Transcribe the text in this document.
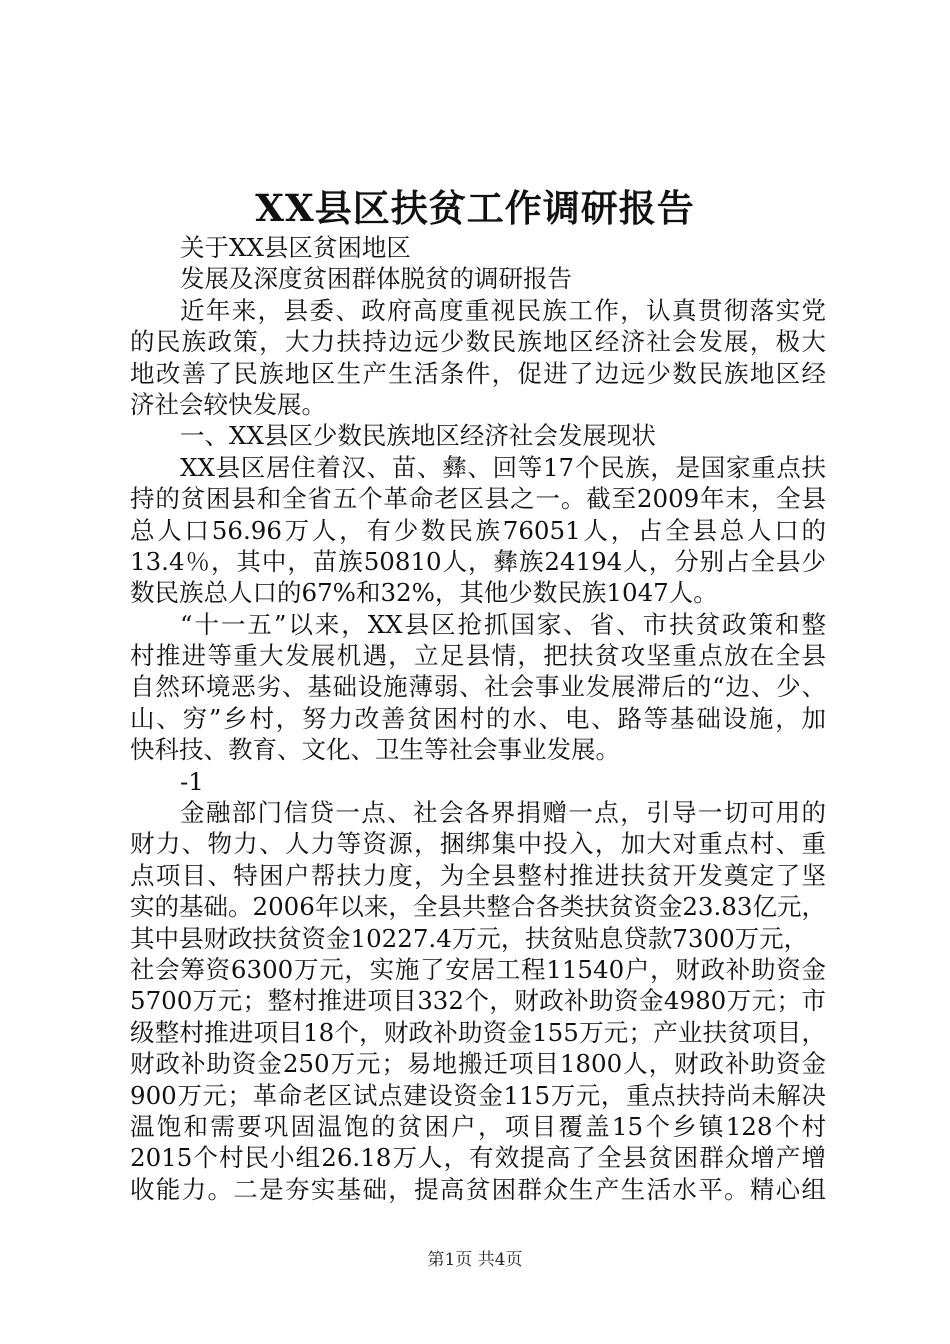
XX县区扶贫工作调研报告
关于XX县区贫困地区
发展及深度贫困群体脱贫的调研报告
近年来，县委、政府高度重视民族工作，认真贯彻落实党
的民族政策，大力扶持边远少数民族地区经济社会发展，极大
地改善了民族地区生产生活条件，促进了边远少数民族地区经
济社会较快发展。
一、XX县区少数民族地区经济社会发展现状
XX县区居住着汉、苗、彝、回等17个民族，是国家重点扶
持的贫困县和全省五个革命老区县之一。截至2009年末，全县
总人口56.96万人，有少数民族76051人，占全县总人口的
13.4％，其中，苗族50810人，彝族24194人，分别占全县少
数民族总人口的67%和32%，其他少数民族1047人。
“十一五”以来，XX县区抢抓国家、省、市扶贫政策和整
村推进等重大发展机遇，立足县情，把扶贫攻坚重点放在全县
自然环境恶劣、基础设施薄弱、社会事业发展滞后的“边、少、
山、穷”乡村，努力改善贫困村的水、电、路等基础设施，加
快科技、教育、文化、卫生等社会事业发展。
-1
金融部门信贷一点、社会各界捐赠一点，引导一切可用的
财力、物力、人力等资源，捆绑集中投入，加大对重点村、重
点项目、特困户帮扶力度，为全县整村推进扶贫开发奠定了坚
实的基础。2006年以来，全县共整合各类扶贫资金23.83亿元，
其中县财政扶贫资金10227.4万元，扶贫贴息贷款7300万元，
社会筹资6300万元，实施了安居工程11540户，财政补助资金
5700万元；整村推进项目332个，财政补助资金4980万元；市
级整村推进项目18个，财政补助资金155万元；产业扶贫项目，
财政补助资金250万元；易地搬迁项目1800人，财政补助资金
900万元；革命老区试点建设资金115万元，重点扶持尚未解决
温饱和需要巩固温饱的贫困户，项目覆盖15个乡镇128个村
2015个村民小组26.18万人，有效提高了全县贫困群众增产增
收能力。二是夯实基础，提高贫困群众生产生活水平。精心组
第1页 共4页
